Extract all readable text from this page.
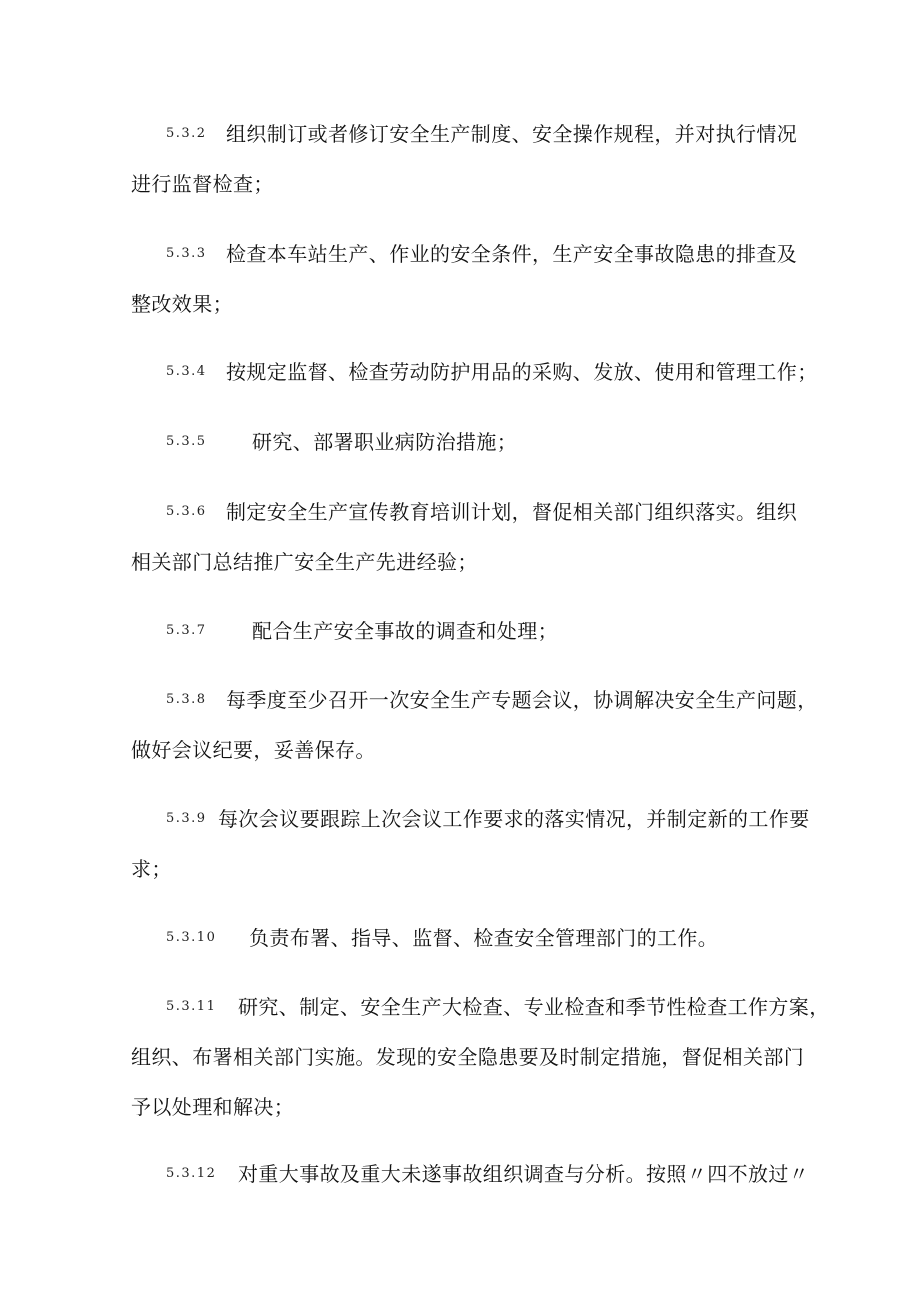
5.3.2 组织制订或者修订安全生产制度、安全操作规程，并对执行情况
进行监督检查；
5.3.3 检查本车站生产、作业的安全条件，生产安全事故隐患的排查及
整改效果；
5.3.4 按规定监督、检查劳动防护用品的采购、发放、使用和管理工作；
5.3.5 研究、部署职业病防治措施；
5.3.6 制定安全生产宣传教育培训计划，督促相关部门组织落实。组织
相关部门总结推广安全生产先进经验；
5.3.7 配合生产安全事故的调查和处理；
5.3.8 每季度至少召开一次安全生产专题会议，协调解决安全生产问题，
做好会议纪要，妥善保存。
5.3.9 每次会议要跟踪上次会议工作要求的落实情况，并制定新的工作要
求；
5.3.10 负责布署、指导、监督、检查安全管理部门的工作。
5.3.11 研究、制定、安全生产大检查、专业检查和季节性检查工作方案，
组织、布署相关部门实施。发现的安全隐患要及时制定措施，督促相关部门
予以处理和解决；
5.3.12 对重大事故及重大未遂事故组织调查与分析。按照〃四不放过〃
